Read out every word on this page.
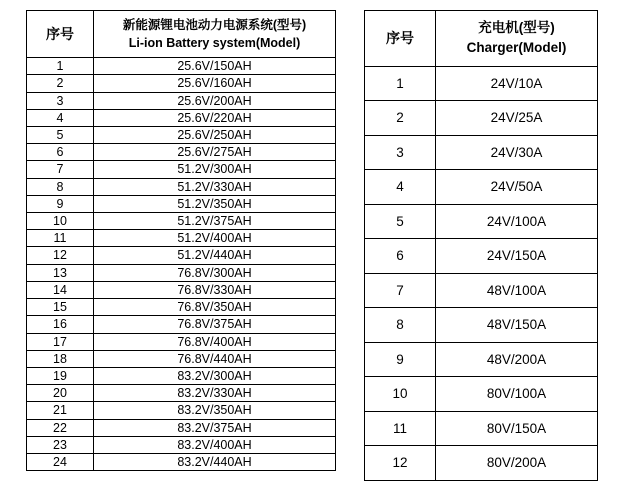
序号	新能源锂电池动力电源系统(型号)
Li-ion Battery system(Model)

1	25.6V/150AH
2	25.6V/160AH
3	25.6V/200AH
4	25.6V/220AH
5	25.6V/250AH
6	25.6V/275AH
7	51.2V/300AH
8	51.2V/330AH
9	51.2V/350AH
10	51.2V/375AH
11	51.2V/400AH
12	51.2V/440AH
13	76.8V/300AH
14	76.8V/330AH
15	76.8V/350AH
16	76.8V/375AH
17	76.8V/400AH
18	76.8V/440AH
19	83.2V/300AH
20	83.2V/330AH
21	83.2V/350AH
22	83.2V/375AH
23	83.2V/400AH
24	83.2V/440AH
序号	充电机(型号)
Charger(Model)

1	24V/10A
2	24V/25A
3	24V/30A
4	24V/50A
5	24V/100A
6	24V/150A
7	48V/100A
8	48V/150A
9	48V/200A
10	80V/100A
11	80V/150A
12	80V/200A
